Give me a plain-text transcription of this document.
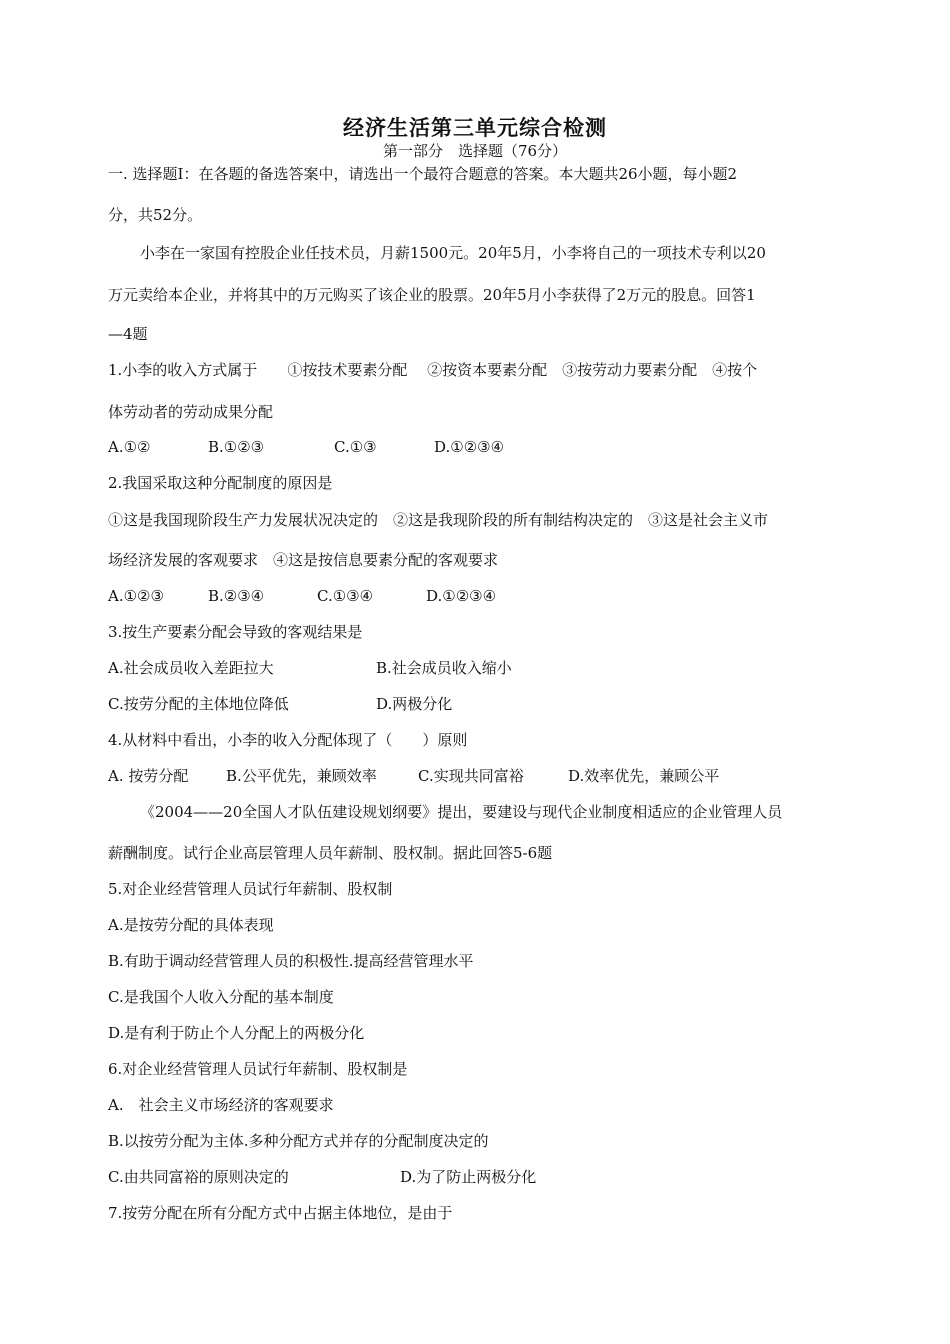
经济生活第三单元综合检测
第一部分　选择题（76分）
一. 选择题Ⅰ：在各题的备选答案中，请选出一个最符合题意的答案。本大题共26小题，每小题2
分，共52分。
小李在一家国有控股企业任技术员，月薪1500元。20年5月，小李将自己的一项技术专利以20
万元卖给本企业，并将其中的万元购买了该企业的股票。20年5月小李获得了2万元的股息。回答1
—4题
1.小李的收入方式属于　　①按技术要素分配　 ②按资本要素分配　③按劳动力要素分配　④按个
体劳动者的劳动成果分配
A.①②	B.①②③	C.①③	D.①②③④
2.我国采取这种分配制度的原因是
①这是我国现阶段生产力发展状况决定的　②这是我现阶段的所有制结构决定的　③这是社会主义市
场经济发展的客观要求　④这是按信息要素分配的客观要求
A.①②③	B.②③④	C.①③④	D.①②③④
3.按生产要素分配会导致的客观结果是
A.社会成员收入差距拉大	B.社会成员收入缩小
C.按劳分配的主体地位降低	D.两极分化
4.从材料中看出，小李的收入分配体现了（　　）原则
A. 按劳分配	B.公平优先，兼顾效率	C.实现共同富裕	D.效率优先，兼顾公平
《2004——20全国人才队伍建设规划纲要》提出，要建设与现代企业制度相适应的企业管理人员
薪酬制度。试行企业高层管理人员年薪制、股权制。据此回答5-6题
5.对企业经营管理人员试行年薪制、股权制
A.是按劳分配的具体表现
B.有助于调动经营管理人员的积极性.提高经营管理水平
C.是我国个人收入分配的基本制度
D.是有利于防止个人分配上的两极分化
6.对企业经营管理人员试行年薪制、股权制是
A.　社会主义市场经济的客观要求
B.以按劳分配为主体.多种分配方式并存的分配制度决定的
C.由共同富裕的原则决定的	D.为了防止两极分化
7.按劳分配在所有分配方式中占据主体地位，是由于
